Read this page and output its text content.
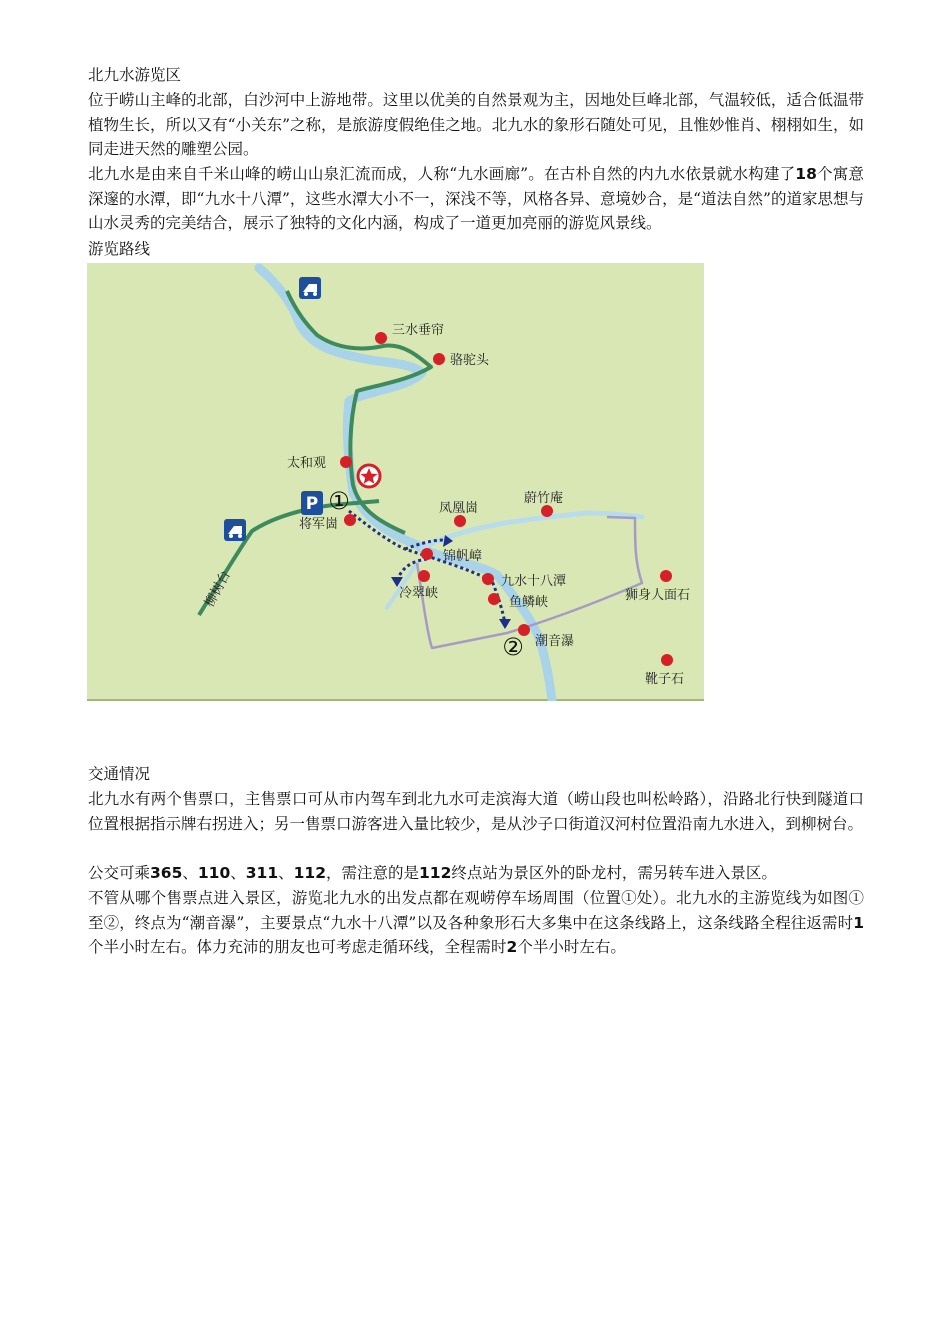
北九水游览区

位于崂山主峰的北部，白沙河中上游地带。这里以优美的自然景观为主，因地处巨峰北部，气温较低，适合低温带植物生长，所以又有“小关东”之称，是旅游度假绝佳之地。北九水的象形石随处可见，且惟妙惟肖、栩栩如生，如同走进天然的雕塑公园。

北九水是由来自千米山峰的崂山山泉汇流而成，人称“九水画廊”。在古朴自然的内九水依景就水构建了18个寓意深邃的水潭，即“九水十八潭”，这些水潭大小不一，深浅不等，风格各异、意境妙合，是“道法自然”的道家思想与山水灵秀的完美结合，展示了独特的文化内涵，构成了一道更加亮丽的游览风景线。

游览路线
P ①
②
三水垂帘
骆驼头
太和观
将军崮
凤凰崮
蔚竹庵
锦帆嶂
冷翠峡
九水十八潭
鱼鳞峡
潮音瀑
狮身人面石
靴子石
柳树台
交通情况

北九水有两个售票口，主售票口可从市内驾车到北九水可走滨海大道（崂山段也叫松岭路），沿路北行快到隧道口位置根据指示牌右拐进入；另一售票口游客进入量比较少，是从沙子口街道汉河村位置沿南九水进入，到柳树台。

公交可乘365、110、311、112，需注意的是112终点站为景区外的卧龙村，需另转车进入景区。

不管从哪个售票点进入景区，游览北九水的出发点都在观崂停车场周围（位置①处）。北九水的主游览线为如图①至②，终点为“潮音瀑”，主要景点“九水十八潭”以及各种象形石大多集中在这条线路上，这条线路全程往返需时1个半小时左右。体力充沛的朋友也可考虑走循环线，全程需时2个半小时左右。
